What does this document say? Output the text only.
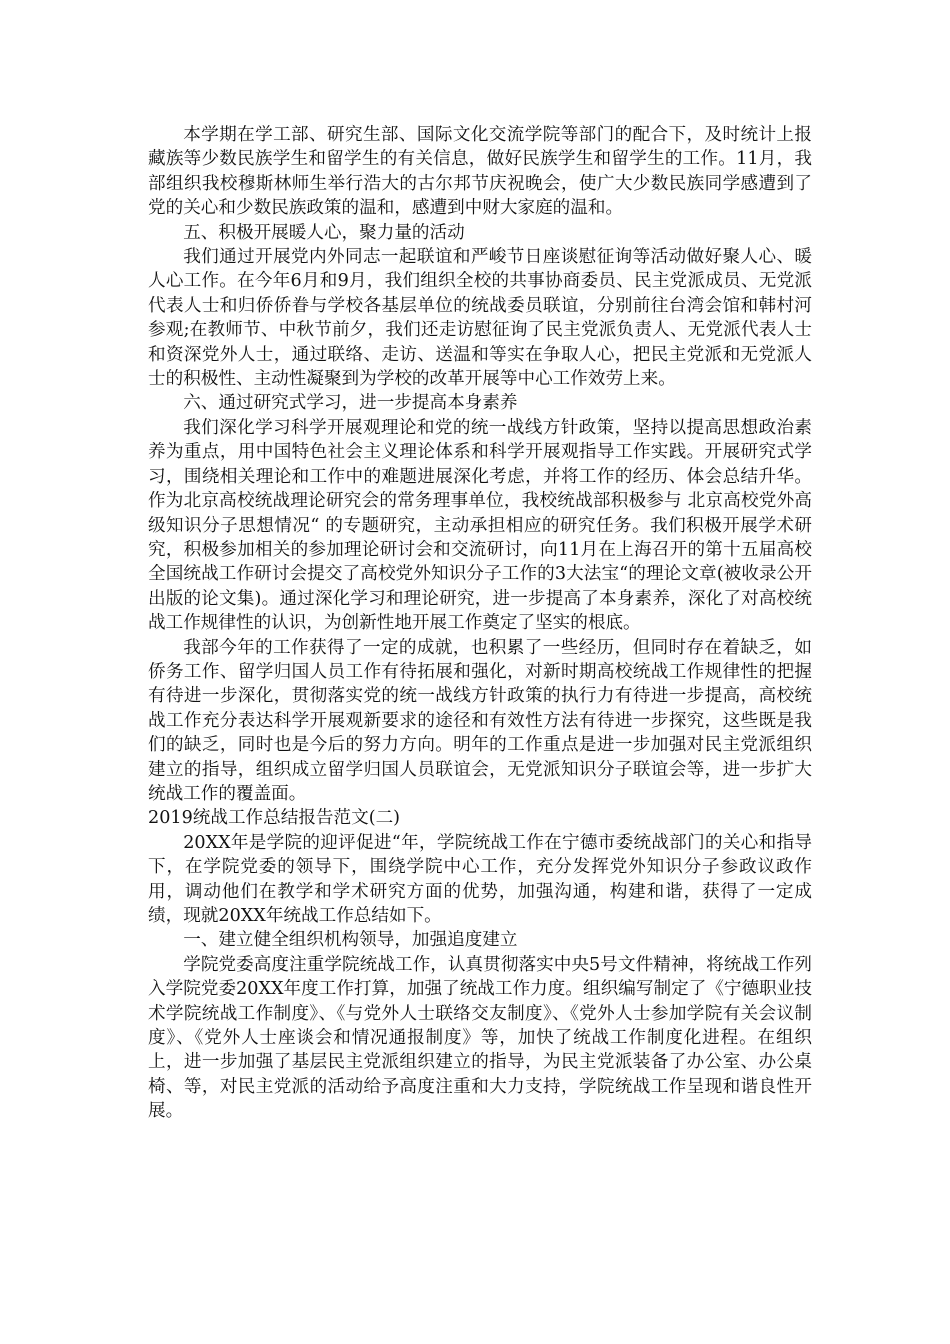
本学期在学工部、研究生部、国际文化交流学院等部门的配合下，及时统计上报藏族等少数民族学生和留学生的有关信息，做好民族学生和留学生的工作。11月，我部组织我校穆斯林师生举行浩大的古尔邦节庆祝晚会，使广大少数民族同学感遭到了党的关心和少数民族政策的温和，感遭到中财大家庭的温和。

五、积极开展暖人心，聚力量的活动

我们通过开展党内外同志一起联谊和严峻节日座谈慰征询等活动做好聚人心、暖人心工作。在今年6月和9月，我们组织全校的共事协商委员、民主党派成员、无党派代表人士和归侨侨眷与学校各基层单位的统战委员联谊，分别前往台湾会馆和韩村河参观;在教师节、中秋节前夕，我们还走访慰征询了民主党派负责人、无党派代表人士和资深党外人士，通过联络、走访、送温和等实在争取人心，把民主党派和无党派人士的积极性、主动性凝聚到为学校的改革开展等中心工作效劳上来。

六、通过研究式学习，进一步提高本身素养

我们深化学习科学开展观理论和党的统一战线方针政策，坚持以提高思想政治素养为重点，用中国特色社会主义理论体系和科学开展观指导工作实践。开展研究式学习，围绕相关理论和工作中的难题进展深化考虑，并将工作的经历、体会总结升华。作为北京高校统战理论研究会的常务理事单位，我校统战部积极参与 北京高校党外高级知识分子思想情况“ 的专题研究，主动承担相应的研究任务。我们积极开展学术研究，积极参加相关的参加理论研讨会和交流研讨，向11月在上海召开的第十五届高校全国统战工作研讨会提交了高校党外知识分子工作的3大法宝“的理论文章(被收录公开出版的论文集)。通过深化学习和理论研究，进一步提高了本身素养，深化了对高校统战工作规律性的认识，为创新性地开展工作奠定了坚实的根底。

我部今年的工作获得了一定的成就，也积累了一些经历，但同时存在着缺乏，如侨务工作、留学归国人员工作有待拓展和强化，对新时期高校统战工作规律性的把握有待进一步深化，贯彻落实党的统一战线方针政策的执行力有待进一步提高，高校统战工作充分表达科学开展观新要求的途径和有效性方法有待进一步探究，这些既是我们的缺乏，同时也是今后的努力方向。明年的工作重点是进一步加强对民主党派组织建立的指导，组织成立留学归国人员联谊会，无党派知识分子联谊会等，进一步扩大统战工作的覆盖面。

2019统战工作总结报告范文(二)

20XX年是学院的迎评促进“年，学院统战工作在宁德市委统战部门的关心和指导下，在学院党委的领导下，围绕学院中心工作，充分发挥党外知识分子参政议政作用，调动他们在教学和学术研究方面的优势，加强沟通，构建和谐，获得了一定成绩，现就20XX年统战工作总结如下。

一、建立健全组织机构领导，加强追度建立

学院党委高度注重学院统战工作，认真贯彻落实中央5号文件精神，将统战工作列入学院党委20XX年度工作打算，加强了统战工作力度。组织编写制定了《宁德职业技术学院统战工作制度》、《与党外人士联络交友制度》、《党外人士参加学院有关会议制度》、《党外人士座谈会和情况通报制度》等，加快了统战工作制度化进程。在组织上，进一步加强了基层民主党派组织建立的指导，为民主党派装备了办公室、办公桌椅、等，对民主党派的活动给予高度注重和大力支持，学院统战工作呈现和谐良性开展。
